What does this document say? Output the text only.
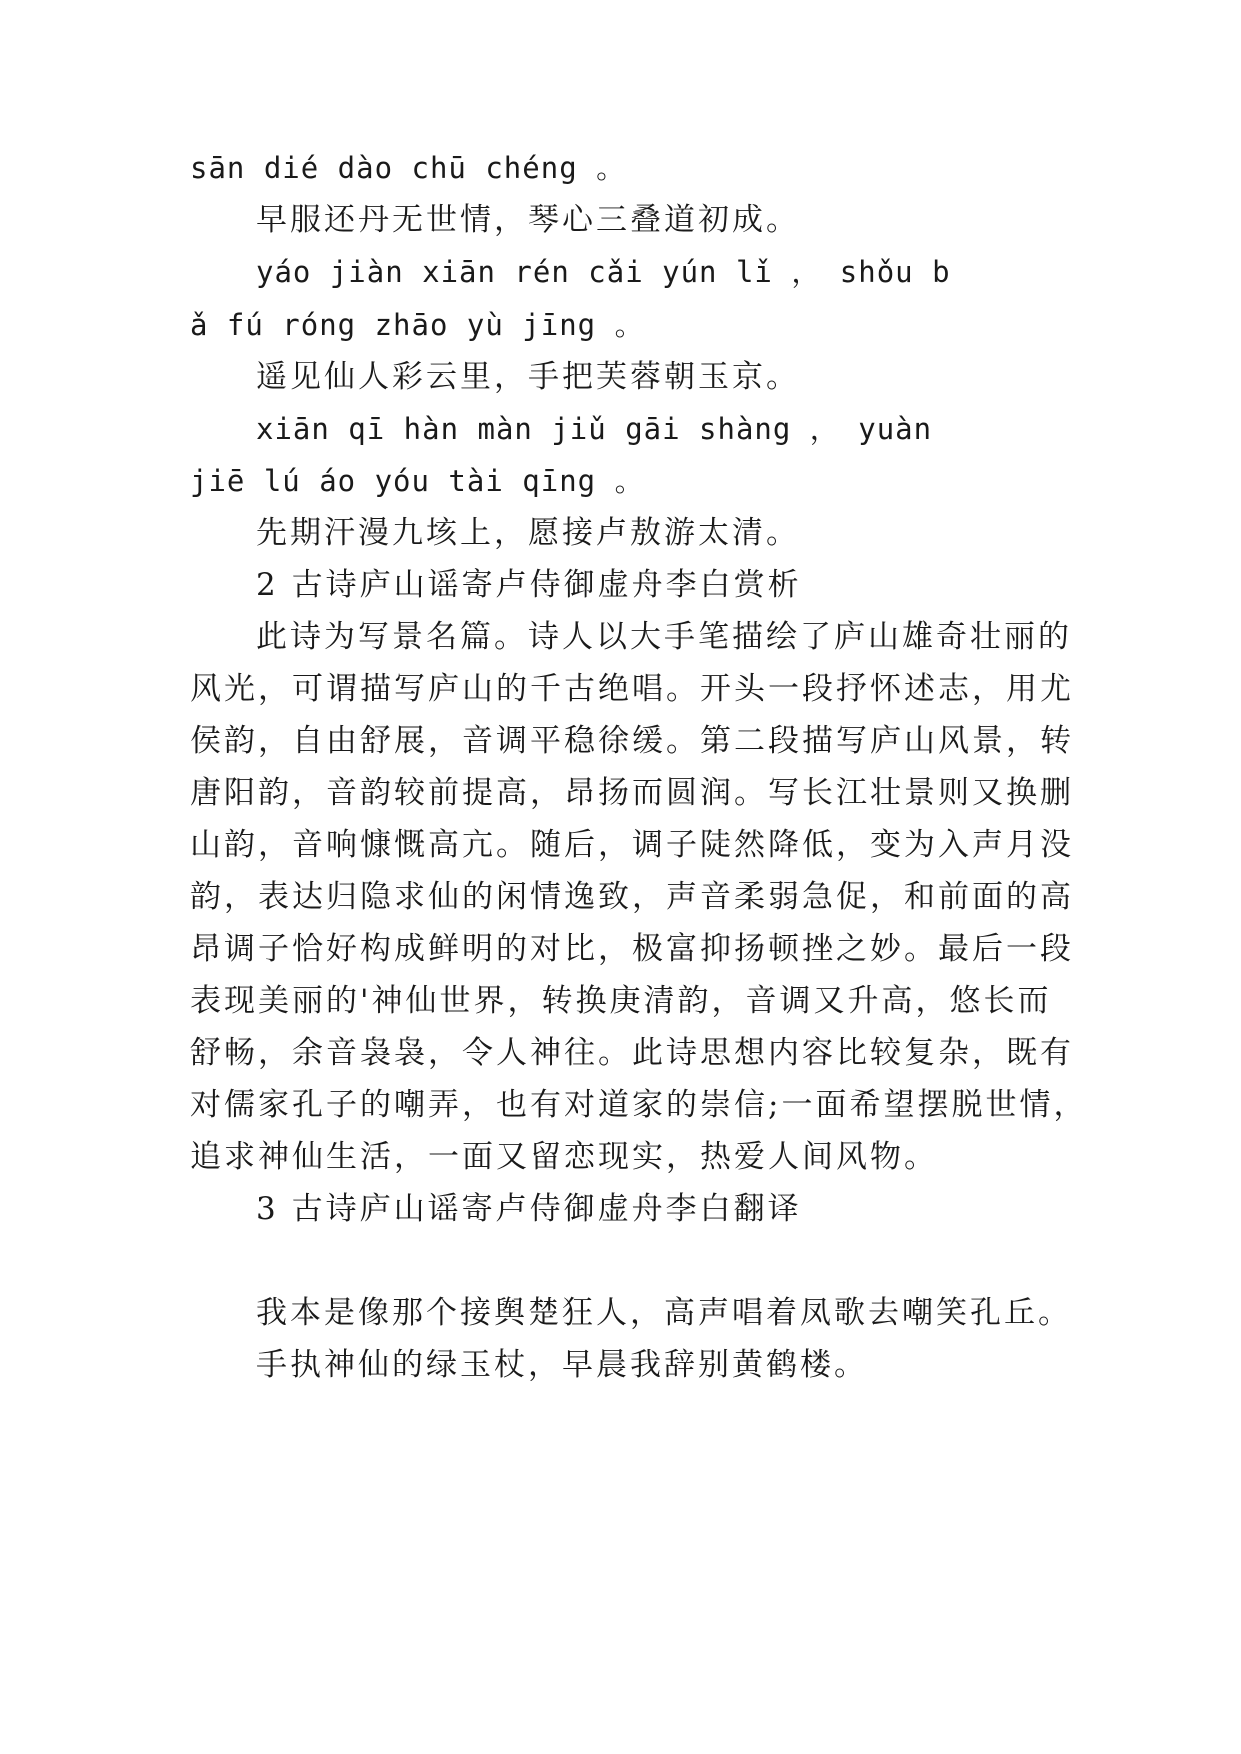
sān dié dào chū chéng 。
早服还丹无世情，琴心三叠道初成。
yáo jiàn xiān rén cǎi yún lǐ ， shǒu b
ǎ fú róng zhāo yù jīng 。
遥见仙人彩云里，手把芙蓉朝玉京。
xiān qī hàn màn jiǔ gāi shàng ， yuàn
jiē lú áo yóu tài qīng 。
先期汗漫九垓上，愿接卢敖游太清。
2 古诗庐山谣寄卢侍御虚舟李白赏析
此诗为写景名篇。诗人以大手笔描绘了庐山雄奇壮丽的
风光，可谓描写庐山的千古绝唱。开头一段抒怀述志，用尤
侯韵，自由舒展，音调平稳徐缓。第二段描写庐山风景，转
唐阳韵，音韵较前提高，昂扬而圆润。写长江壮景则又换删
山韵，音响慷慨高亢。随后，调子陡然降低，变为入声月没
韵，表达归隐求仙的闲情逸致，声音柔弱急促，和前面的高
昂调子恰好构成鲜明的对比，极富抑扬顿挫之妙。最后一段
表现美丽的'神仙世界，转换庚清韵，音调又升高，悠长而
舒畅，余音袅袅，令人神往。此诗思想内容比较复杂，既有
对儒家孔子的嘲弄，也有对道家的崇信;一面希望摆脱世情，
追求神仙生活，一面又留恋现实，热爱人间风物。
3 古诗庐山谣寄卢侍御虚舟李白翻译
我本是像那个接舆楚狂人，高声唱着凤歌去嘲笑孔丘。
手执神仙的绿玉杖，早晨我辞别黄鹤楼。
